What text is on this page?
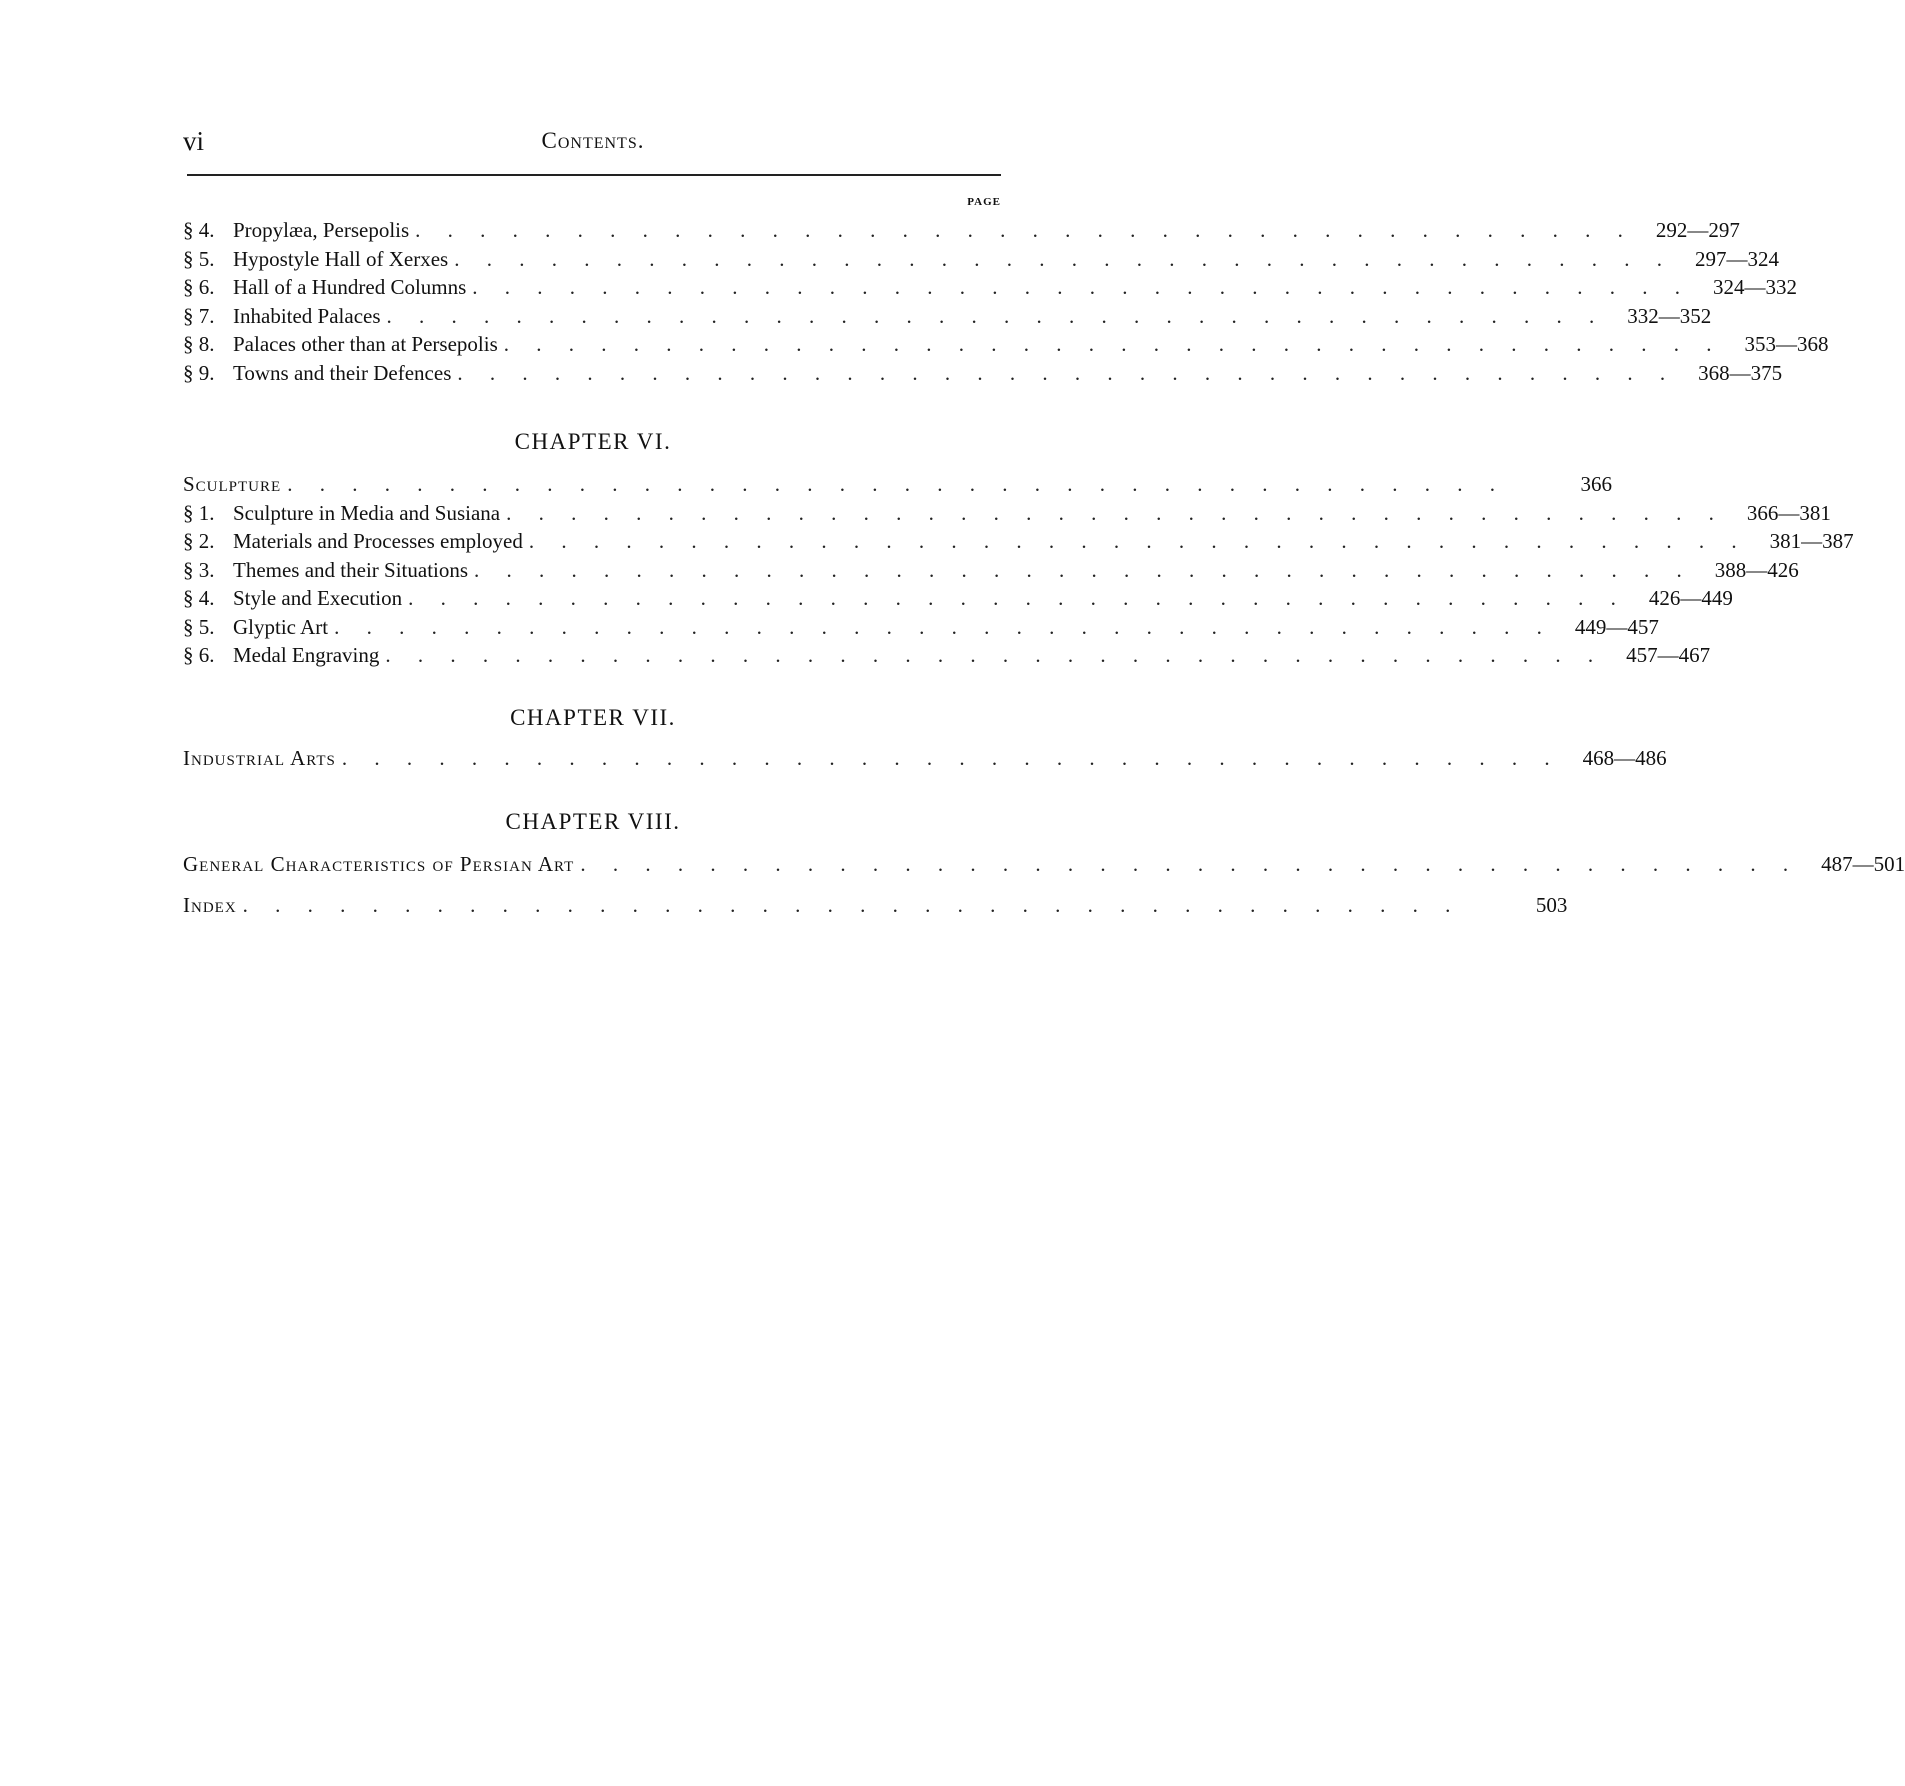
vi	Contents.
PAGE
§ 4. Propylæa, Persepolis . . . . . . . . . . . . . . . . . . . . . . . . . . . . . . . . . . . . . .	292—297
§ 5. Hypostyle Hall of Xerxes . . . . . . . . . . . . . . . . . . . . . . . . . . . . . . . . . . . . . .	297—324
§ 6. Hall of a Hundred Columns . . . . . . . . . . . . . . . . . . . . . . . . . . . . . . . . . . . . . .	324—332
§ 7. Inhabited Palaces . . . . . . . . . . . . . . . . . . . . . . . . . . . . . . . . . . . . . .	332—352
§ 8. Palaces other than at Persepolis . . . . . . . . . . . . . . . . . . . . . . . . . . . . . . . . . . . . . .	353—368
§ 9. Towns and their Defences . . . . . . . . . . . . . . . . . . . . . . . . . . . . . . . . . . . . . .	368—375
CHAPTER VI.
Sculpture . . . . . . . . . . . . . . . . . . . . . . . . . . . . . . . . . . . . . .	366
§ 1. Sculpture in Media and Susiana . . . . . . . . . . . . . . . . . . . . . . . . . . . . . . . . . . . . . .	366—381
§ 2. Materials and Processes employed . . . . . . . . . . . . . . . . . . . . . . . . . . . . . . . . . . . . . .	381—387
§ 3. Themes and their Situations . . . . . . . . . . . . . . . . . . . . . . . . . . . . . . . . . . . . . .	388—426
§ 4. Style and Execution . . . . . . . . . . . . . . . . . . . . . . . . . . . . . . . . . . . . . .	426—449
§ 5. Glyptic Art . . . . . . . . . . . . . . . . . . . . . . . . . . . . . . . . . . . . . .	449—457
§ 6. Medal Engraving . . . . . . . . . . . . . . . . . . . . . . . . . . . . . . . . . . . . . .	457—467
CHAPTER VII.
Industrial Arts . . . . . . . . . . . . . . . . . . . . . . . . . . . . . . . . . . . . . .	468—486
CHAPTER VIII.
General Characteristics of Persian Art . . . . . . . . . . . . . . . . . . . . . . . . . . . . . . . . . . . . . .	487—501
Index . . . . . . . . . . . . . . . . . . . . . . . . . . . . . . . . . . . . . .	503
